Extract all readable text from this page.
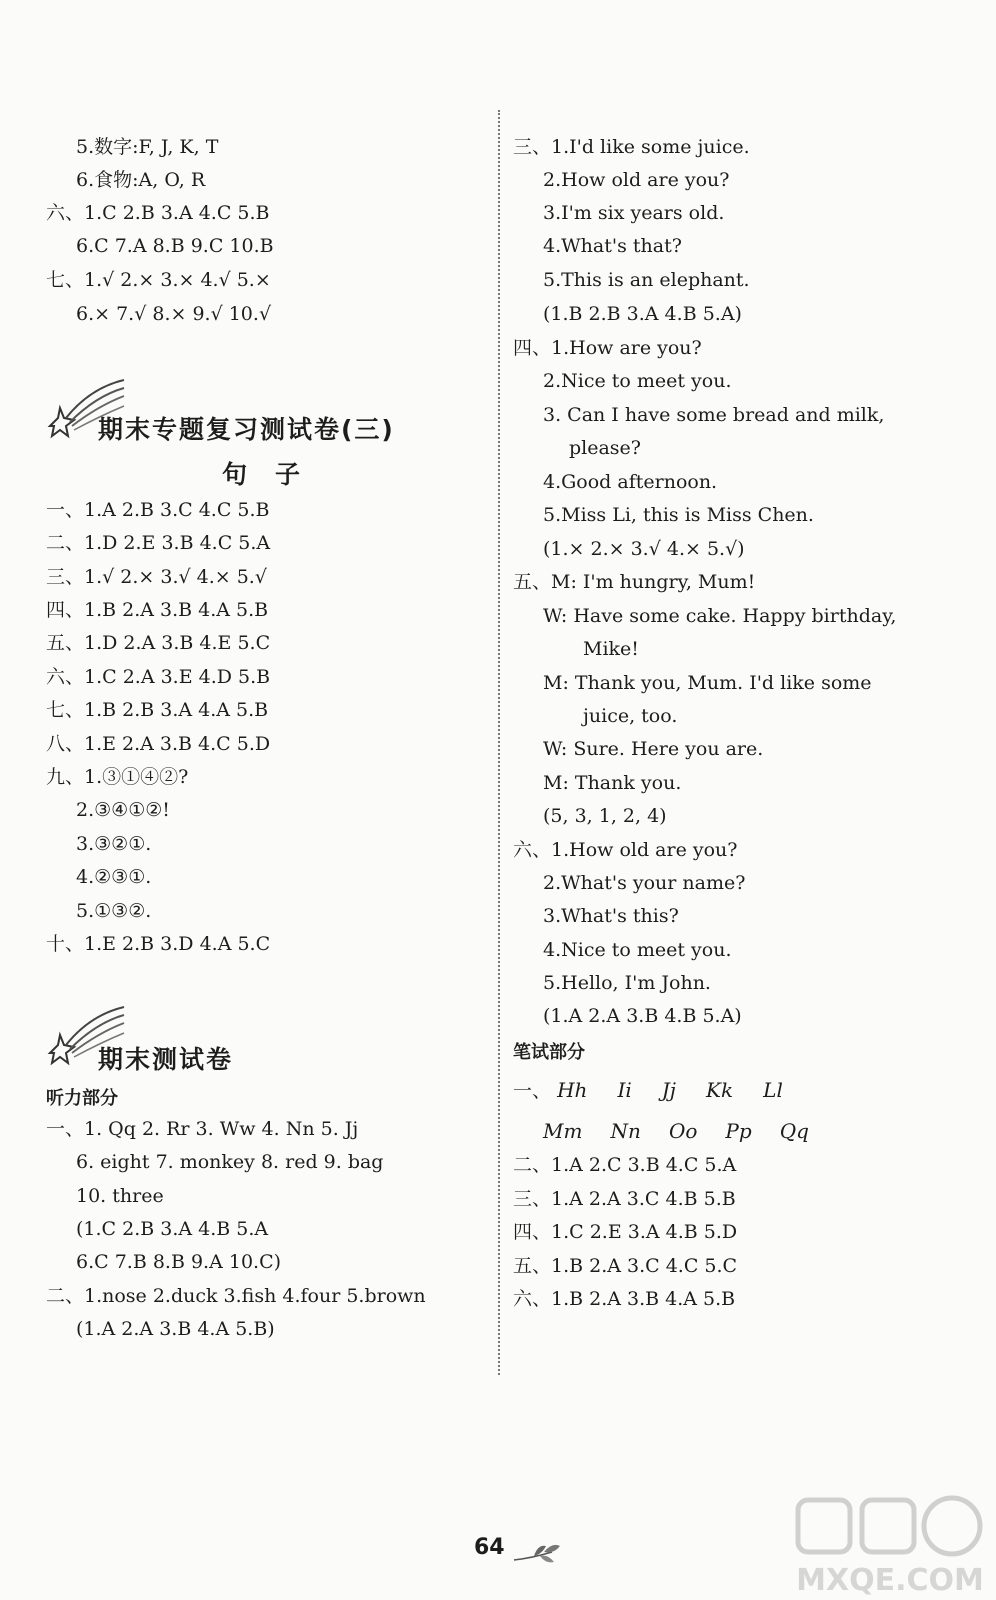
5.数字:F, J, K, T
6.食物:A, O, R
六、1.C 2.B 3.A 4.C 5.B
6.C 7.A 8.B 9.C 10.B
七、1.√ 2.× 3.× 4.√ 5.×
6.× 7.√ 8.× 9.√ 10.√
期末专题复习测试卷(三)
句子
一、1.A 2.B 3.C 4.C 5.B
二、1.D 2.E 3.B 4.C 5.A
三、1.√ 2.× 3.√ 4.× 5.√
四、1.B 2.A 3.B 4.A 5.B
五、1.D 2.A 3.B 4.E 5.C
六、1.C 2.A 3.E 4.D 5.B
七、1.B 2.B 3.A 4.A 5.B
八、1.E 2.A 3.B 4.C 5.D
九、1.③①④②?
2.③④①②!
3.③②①.
4.②③①.
5.①③②.
十、1.E 2.B 3.D 4.A 5.C
期末测试卷
听力部分
一、1. Qq 2. Rr 3. Ww 4. Nn 5. Jj
6. eight 7. monkey 8. red 9. bag
10. three
(1.C 2.B 3.A 4.B 5.A
6.C 7.B 8.B 9.A 10.C)
二、1.nose 2.duck 3.fish 4.four 5.brown
(1.A 2.A 3.B 4.A 5.B)
三、1.I'd like some juice.
2.How old are you?
3.I'm six years old.
4.What's that?
5.This is an elephant.
(1.B 2.B 3.A 4.B 5.A)
四、1.How are you?
2.Nice to meet you.
3. Can I have some bread and milk,
please?
4.Good afternoon.
5.Miss Li, this is Miss Chen.
(1.× 2.× 3.√ 4.× 5.√)
五、M: I'm hungry, Mum!
W: Have some cake. Happy birthday,
Mike!
M: Thank you, Mum. I'd like some
juice, too.
W: Sure. Here you are.
M: Thank you.
(5, 3, 1, 2, 4)
六、1.How old are you?
2.What's your name?
3.What's this?
4.Nice to meet you.
5.Hello, I'm John.
(1.A 2.A 3.B 4.B 5.A)
笔试部分
一、 Hh Ii Jj Kk Ll
Mm Nn Oo Pp Qq
二、1.A 2.C 3.B 4.C 5.A
三、1.A 2.A 3.C 4.B 5.B
四、1.C 2.E 3.A 4.B 5.D
五、1.B 2.A 3.C 4.C 5.C
六、1.B 2.A 3.B 4.A 5.B
64
MXQE.COM
